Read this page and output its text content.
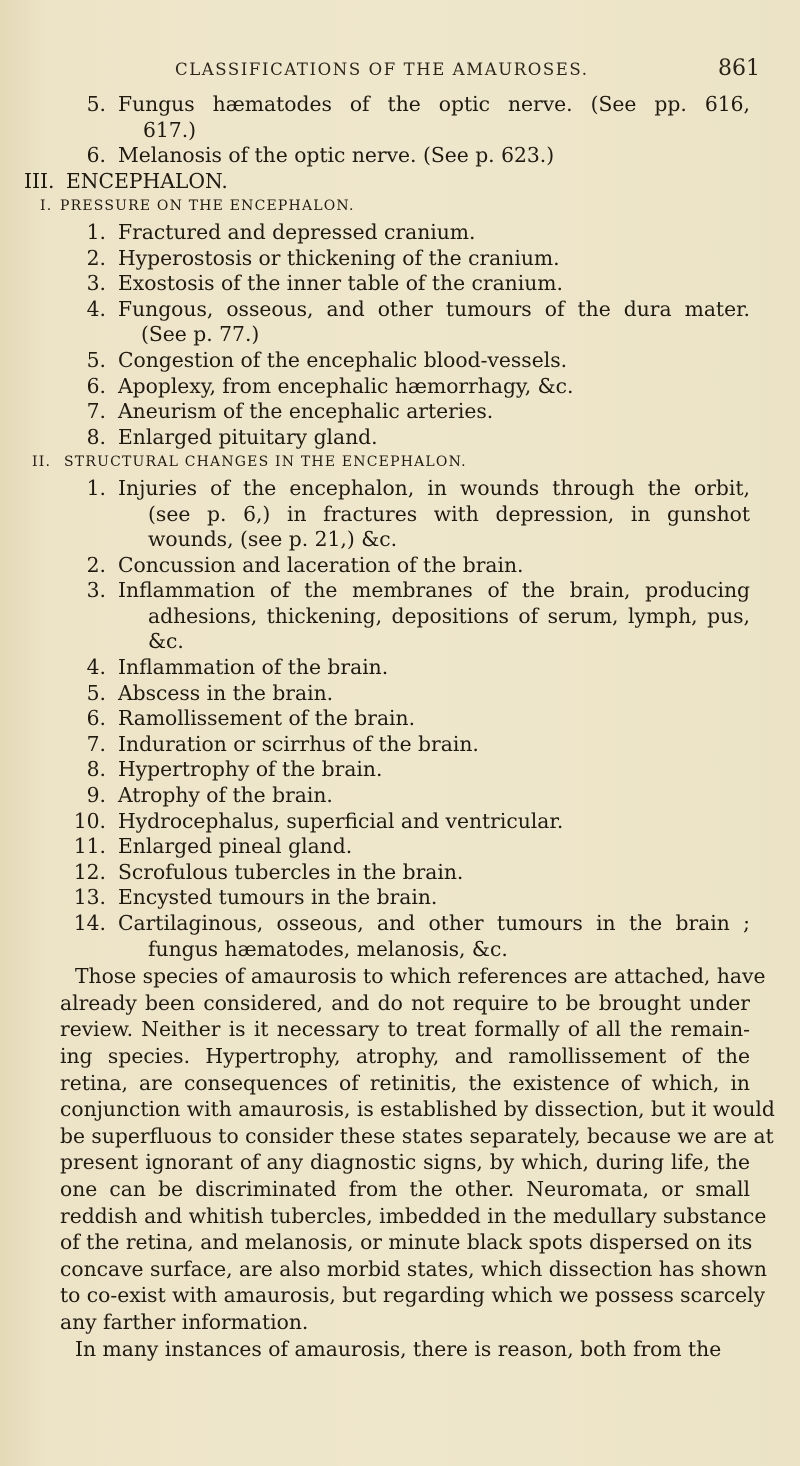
CLASSIFICATIONS OF THE AMAUROSES.	861
5. Fungus hæmatodes of the optic nerve. (See pp. 616,
617.)
6. Melanosis of the optic nerve. (See p. 623.)
III. ENCEPHALON.
I. PRESSURE ON THE ENCEPHALON.
1. Fractured and depressed cranium.
2. Hyperostosis or thickening of the cranium.
3. Exostosis of the inner table of the cranium.
4. Fungous, osseous, and other tumours of the dura mater.
(See p. 77.)
5. Congestion of the encephalic blood-vessels.
6. Apoplexy, from encephalic hæmorrhagy, &c.
7. Aneurism of the encephalic arteries.
8. Enlarged pituitary gland.
II. STRUCTURAL CHANGES IN THE ENCEPHALON.
1. Injuries of the encephalon, in wounds through the orbit,
(see p. 6,) in fractures with depression, in gunshot
wounds, (see p. 21,) &c.
2. Concussion and laceration of the brain.
3. Inflammation of the membranes of the brain, producing
adhesions, thickening, depositions of serum, lymph, pus,
&c.
4. Inflammation of the brain.
5. Abscess in the brain.
6. Ramollissement of the brain.
7. Induration or scirrhus of the brain.
8. Hypertrophy of the brain.
9. Atrophy of the brain.
10. Hydrocephalus, superficial and ventricular.
11. Enlarged pineal gland.
12. Scrofulous tubercles in the brain.
13. Encysted tumours in the brain.
14. Cartilaginous, osseous, and other tumours in the brain ;
fungus hæmatodes, melanosis, &c.
Those species of amaurosis to which references are attached, have
already been considered, and do not require to be brought under
review. Neither is it necessary to treat formally of all the remain-
ing species. Hypertrophy, atrophy, and ramollissement of the
retina, are consequences of retinitis, the existence of which, in
conjunction with amaurosis, is established by dissection, but it would
be superfluous to consider these states separately, because we are at
present ignorant of any diagnostic signs, by which, during life, the
one can be discriminated from the other. Neuromata, or small
reddish and whitish tubercles, imbedded in the medullary substance
of the retina, and melanosis, or minute black spots dispersed on its
concave surface, are also morbid states, which dissection has shown
to co-exist with amaurosis, but regarding which we possess scarcely
any farther information.
In many instances of amaurosis, there is reason, both from the
